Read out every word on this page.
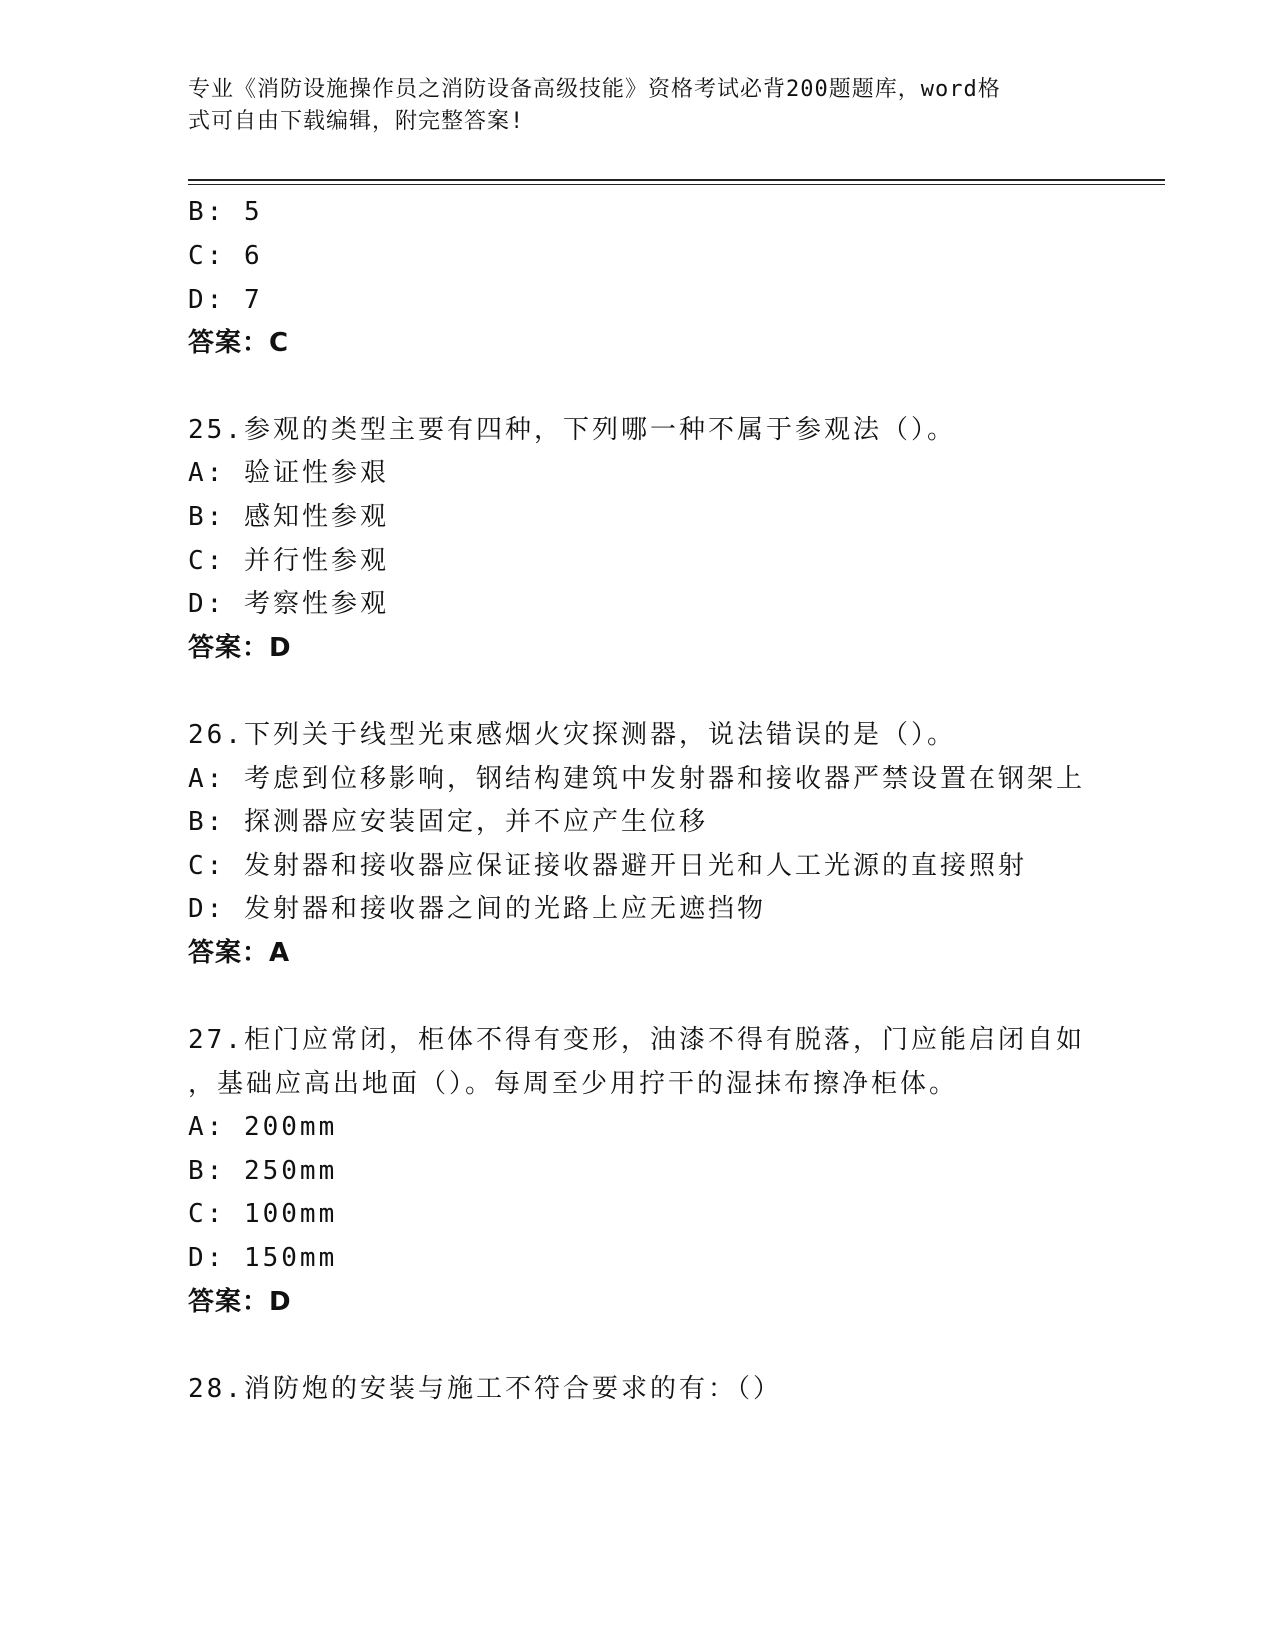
专业《消防设施操作员之消防设备高级技能》资格考试必背200题题库，word格
式可自由下载编辑，附完整答案!
B: 5
C: 6
D: 7
答案：C
25.参观的类型主要有四种，下列哪一种不属于参观法（）。
A: 验证性参艰
B: 感知性参观
C: 并行性参观
D: 考察性参观
答案：D
26.下列关于线型光束感烟火灾探测器，说法错误的是（）。
A: 考虑到位移影响，钢结构建筑中发射器和接收器严禁设置在钢架上
B: 探测器应安装固定，并不应产生位移
C: 发射器和接收器应保证接收器避开日光和人工光源的直接照射
D: 发射器和接收器之间的光路上应无遮挡物
答案：A
27.柜门应常闭，柜体不得有变形，油漆不得有脱落，门应能启闭自如
，基础应高出地面（）。每周至少用拧干的湿抹布擦净柜体。
A: 200mm
B: 250mm
C: 100mm
D: 150mm
答案：D
28.消防炮的安装与施工不符合要求的有：（）
